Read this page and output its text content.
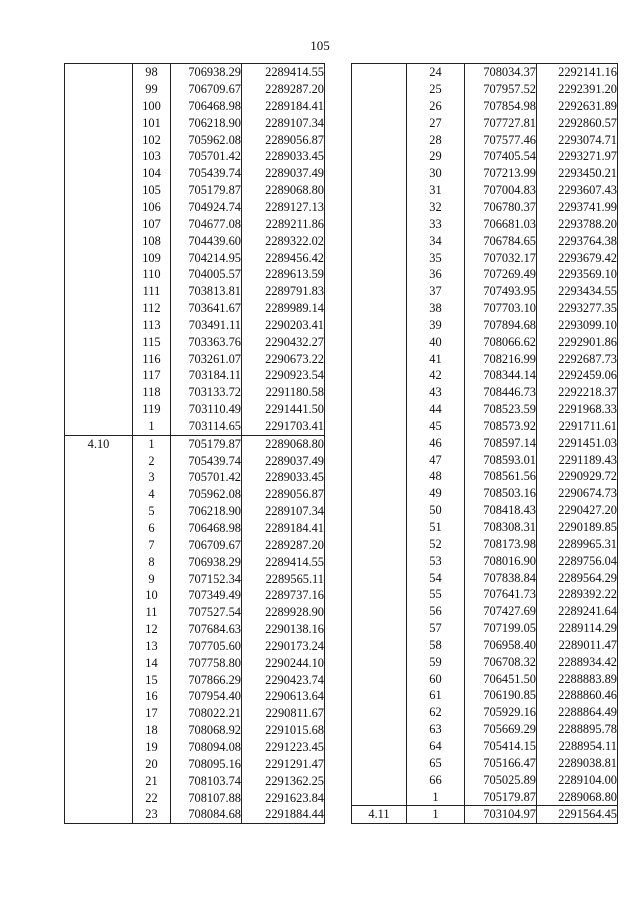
105
	98	706938.29	2289414.55
	99	706709.67	2289287.20
	100	706468.98	2289184.41
	101	706218.90	2289107.34
	102	705962.08	2289056.87
	103	705701.42	2289033.45
	104	705439.74	2289037.49
	105	705179.87	2289068.80
	106	704924.74	2289127.13
	107	704677.08	2289211.86
	108	704439.60	2289322.02
	109	704214.95	2289456.42
	110	704005.57	2289613.59
	111	703813.81	2289791.83
	112	703641.67	2289989.14
	113	703491.11	2290203.41
	115	703363.76	2290432.27
	116	703261.07	2290673.22
	117	703184.11	2290923.54
	118	703133.72	2291180.58
	119	703110.49	2291441.50
	1	703114.65	2291703.41
4.10	1	705179.87	2289068.80
	2	705439.74	2289037.49
	3	705701.42	2289033.45
	4	705962.08	2289056.87
	5	706218.90	2289107.34
	6	706468.98	2289184.41
	7	706709.67	2289287.20
	8	706938.29	2289414.55
	9	707152.34	2289565.11
	10	707349.49	2289737.16
	11	707527.54	2289928.90
	12	707684.63	2290138.16
	13	707705.60	2290173.24
	14	707758.80	2290244.10
	15	707866.29	2290423.74
	16	707954.40	2290613.64
	17	708022.21	2290811.67
	18	708068.92	2291015.68
	19	708094.08	2291223.45
	20	708095.16	2291291.47
	21	708103.74	2291362.25
	22	708107.88	2291623.84
	23	708084.68	2291884.44
	24	708034.37	2292141.16
	25	707957.52	2292391.20
	26	707854.98	2292631.89
	27	707727.81	2292860.57
	28	707577.46	2293074.71
	29	707405.54	2293271.97
	30	707213.99	2293450.21
	31	707004.83	2293607.43
	32	706780.37	2293741.99
	33	706681.03	2293788.20
	34	706784.65	2293764.38
	35	707032.17	2293679.42
	36	707269.49	2293569.10
	37	707493.95	2293434.55
	38	707703.10	2293277.35
	39	707894.68	2293099.10
	40	708066.62	2292901.86
	41	708216.99	2292687.73
	42	708344.14	2292459.06
	43	708446.73	2292218.37
	44	708523.59	2291968.33
	45	708573.92	2291711.61
	46	708597.14	2291451.03
	47	708593.01	2291189.43
	48	708561.56	2290929.72
	49	708503.16	2290674.73
	50	708418.43	2290427.20
	51	708308.31	2290189.85
	52	708173.98	2289965.31
	53	708016.90	2289756.04
	54	707838.84	2289564.29
	55	707641.73	2289392.22
	56	707427.69	2289241.64
	57	707199.05	2289114.29
	58	706958.40	2289011.47
	59	706708.32	2288934.42
	60	706451.50	2288883.89
	61	706190.85	2288860.46
	62	705929.16	2288864.49
	63	705669.29	2288895.78
	64	705414.15	2288954.11
	65	705166.47	2289038.81
	66	705025.89	2289104.00
	1	705179.87	2289068.80
4.11	1	703104.97	2291564.45
